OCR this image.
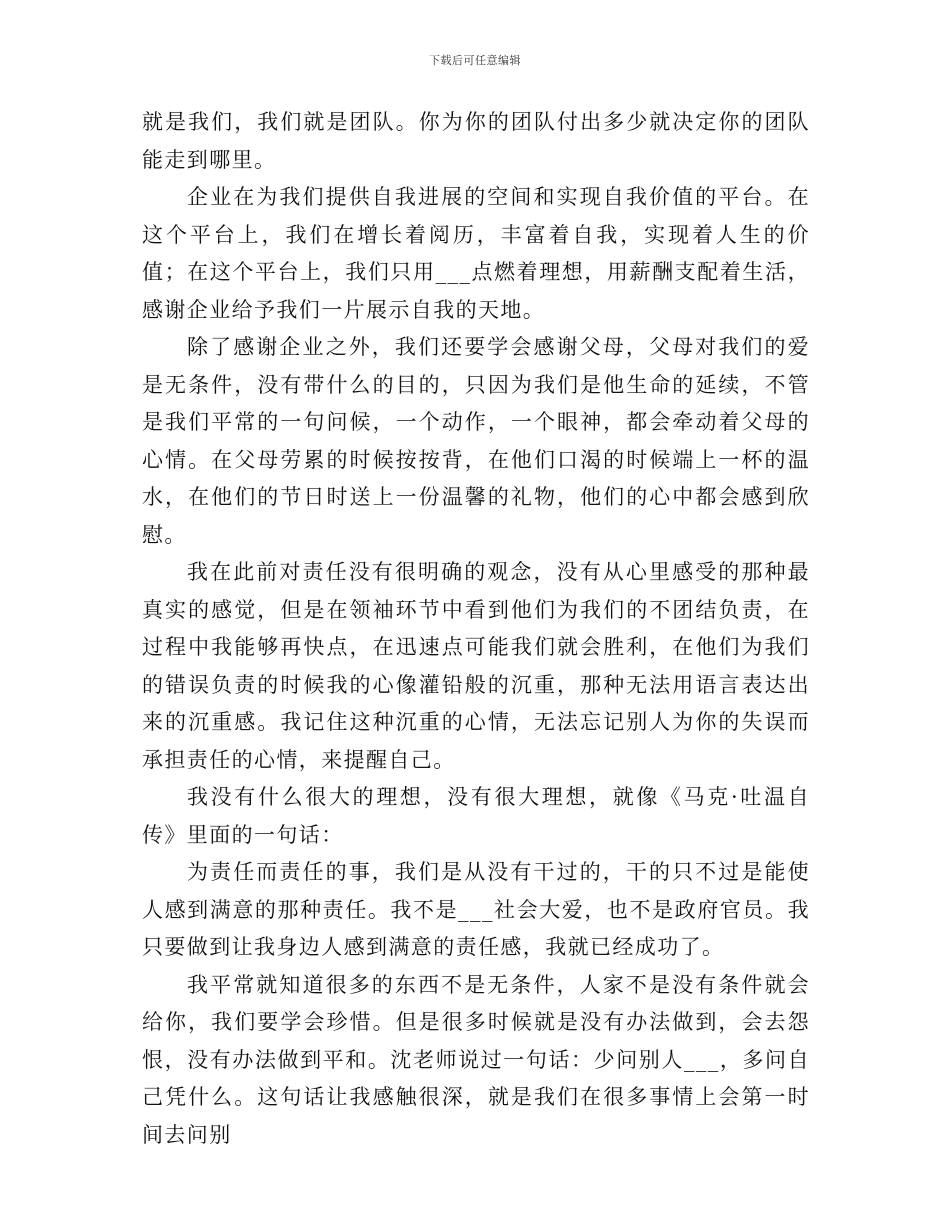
下载后可任意编辑

就是我们，我们就是团队。你为你的团队付出多少就决定你的团队能走到哪里。

企业在为我们提供自我进展的空间和实现自我价值的平台。在这个平台上，我们在增长着阅历，丰富着自我，实现着人生的价值；在这个平台上，我们只用___点燃着理想，用薪酬支配着生活，感谢企业给予我们一片展示自我的天地。

除了感谢企业之外，我们还要学会感谢父母，父母对我们的爱是无条件，没有带什么的目的，只因为我们是他生命的延续，不管是我们平常的一句问候，一个动作，一个眼神，都会牵动着父母的心情。在父母劳累的时候按按背，在他们口渴的时候端上一杯的温水，在他们的节日时送上一份温馨的礼物，他们的心中都会感到欣慰。

我在此前对责任没有很明确的观念，没有从心里感受的那种最真实的感觉，但是在领袖环节中看到他们为我们的不团结负责，在过程中我能够再快点，在迅速点可能我们就会胜利，在他们为我们的错误负责的时候我的心像灌铅般的沉重，那种无法用语言表达出来的沉重感。我记住这种沉重的心情，无法忘记别人为你的失误而承担责任的心情，来提醒自己。

我没有什么很大的理想，没有很大理想，就像《马克·吐温自传》里面的一句话：

为责任而责任的事，我们是从没有干过的，干的只不过是能使人感到满意的那种责任。我不是___社会大爱，也不是政府官员。我只要做到让我身边人感到满意的责任感，我就已经成功了。

我平常就知道很多的东西不是无条件，人家不是没有条件就会给你，我们要学会珍惜。但是很多时候就是没有办法做到，会去怨恨，没有办法做到平和。沈老师说过一句话：少问别人___，多问自己凭什么。这句话让我感触很深，就是我们在很多事情上会第一时间去问别
